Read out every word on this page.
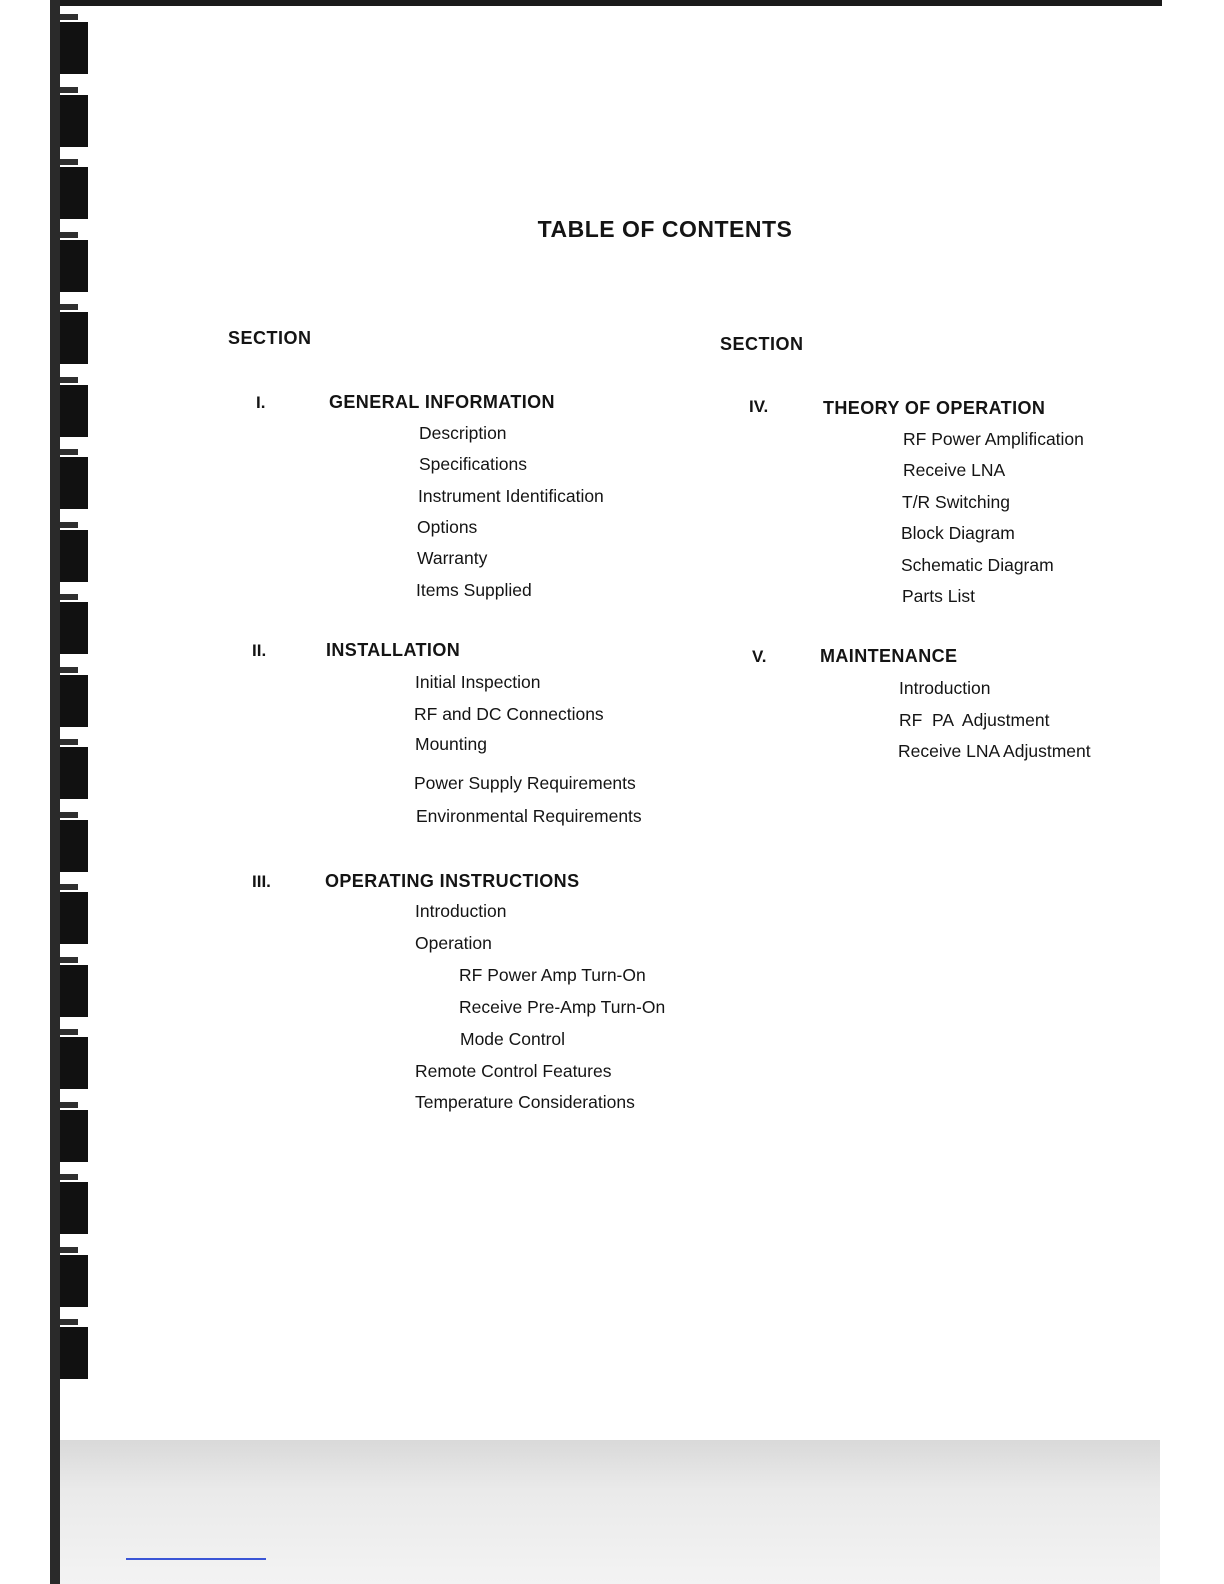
TABLE OF CONTENTS
SECTION	SECTION
I.	GENERAL INFORMATION
Description
Specifications
Instrument Identification
Options
Warranty
Items Supplied
II.	INSTALLATION
Initial Inspection
RF and DC Connections
Mounting
Power Supply Requirements
Environmental Requirements
III.	OPERATING INSTRUCTIONS
Introduction
Operation
RF Power Amp Turn-On
Receive Pre-Amp Turn-On
Mode Control
Remote Control Features
Temperature Considerations
IV.	THEORY OF OPERATION
RF Power Amplification
Receive LNA
T/R Switching
Block Diagram
Schematic Diagram
Parts List
V.	MAINTENANCE
Introduction
RF  PA  Adjustment
Receive LNA Adjustment
